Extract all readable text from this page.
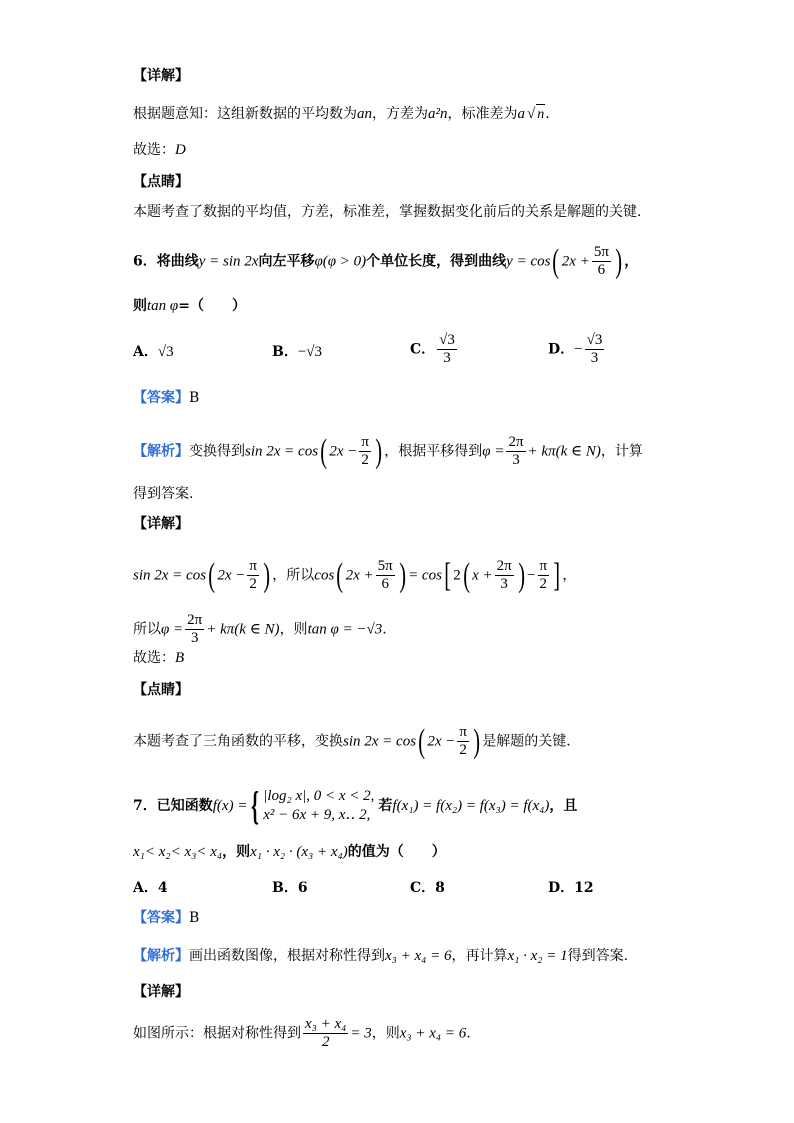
【详解】
根据题意知：这组新数据的平均数为an，方差为a²n，标准差为a √ n.
故选：D
【点睛】
本题考查了数据的平均值，方差，标准差，掌握数据变化前后的关系是解题的关键.
6．将曲线y = sin 2x向左平移φ(φ > 0)个单位长度，得到曲线y = cos( $2x + \frac{5\pi}{6}$ ) ，
则tan φ=（　　）
A．√3	B．−√3	C． $\frac{√3}{3}$	D．− $\frac{√3}{3}$
【答案】B
【解析】变换得到sin 2x = cos( $2x - \frac{\pi}{2}$ ) ，根据平移得到$\varphi = \frac{2\pi}{3} + k\pi(k$ ∈ N)，计算
得到答案.
【详解】
sin 2x = cos( $2x - \frac{\pi}{2}$ ) ，所以cos( $2x + \frac{5\pi}{6}$ ) = cos[ 2( $x + \frac{2\pi}{3}$ ) − $\frac{\pi}{2}$ ] ，
所以$\varphi = \frac{2\pi}{3} + k\pi(k$ ∈ N)，则tan φ = −√3.
故选：B
【点睛】
本题考查了三角函数的平移，变换sin 2x = cos( $2x - \frac{\pi}{2}$ ) 是解题的关键.
7．已知函数f(x) ={ |log₂ x|, 0 < x < 2,
x² − 6x + 9, x‥ 2,
若f(x₁) = f(x₂) = f(x₃) = f(x₄)，且
x₁< x₂< x₃< x₄，则x₁ · x₂ · (x₃ + x₄)的值为（　　）
A．4	B．6	C．8	D．12
【答案】B
【解析】画出函数图像，根据对称性得到x₃ + x₄ = 6，再计算x₁ · x₂ = 1得到答案.
【详解】
如图所示：根据对称性得到 $\frac{\text{x₃ + x₄}}{2} = 3$，则x₃ + x₄ = 6.
